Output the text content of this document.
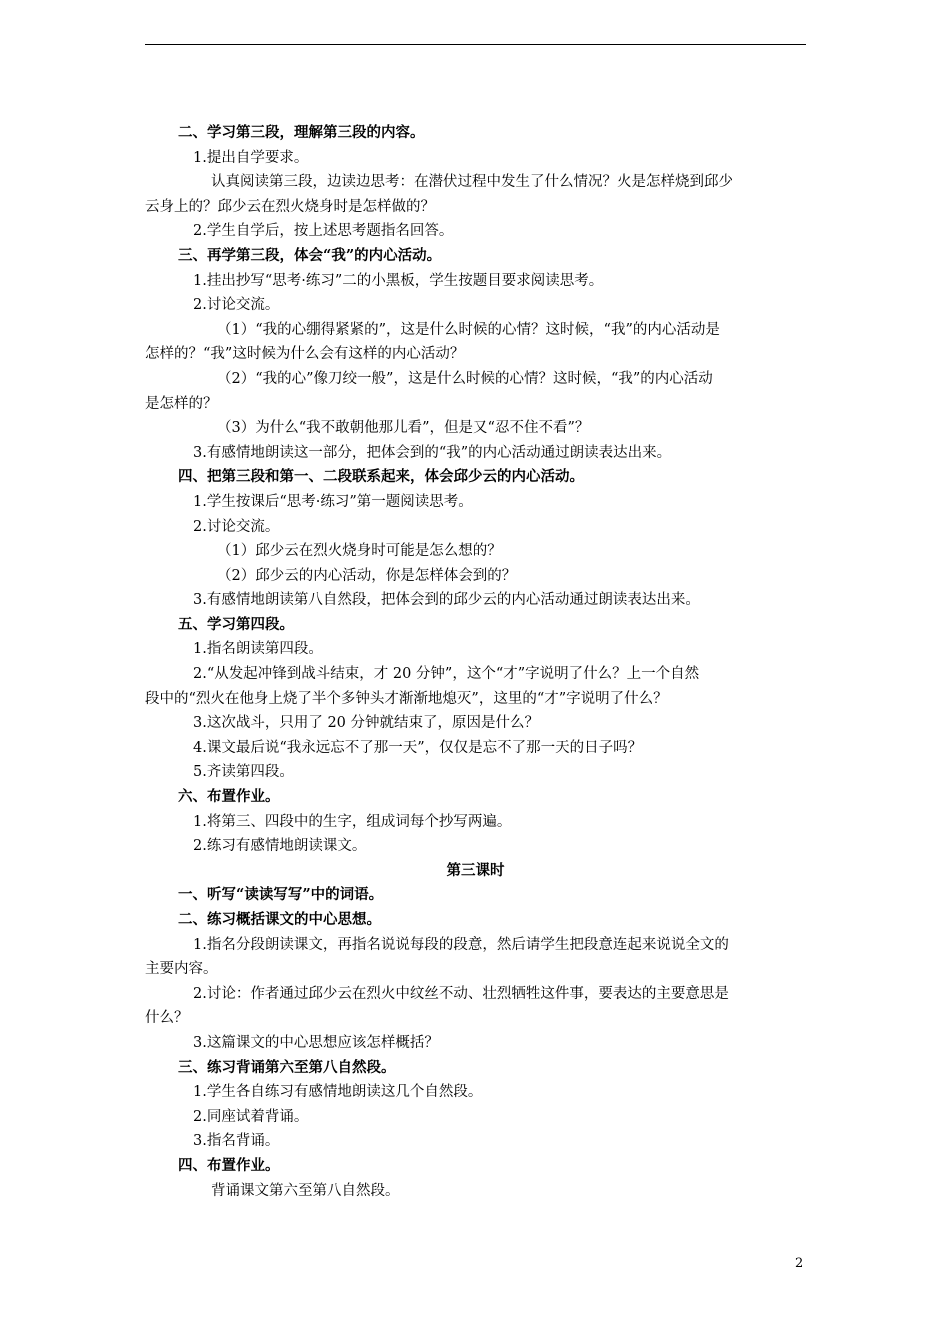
二、学习第三段，理解第三段的内容。
1.提出自学要求。
认真阅读第三段，边读边思考：在潜伏过程中发生了什么情况？火是怎样烧到邱少
云身上的？邱少云在烈火烧身时是怎样做的？
2.学生自学后，按上述思考题指名回答。
三、再学第三段，体会“我”的内心活动。
1.挂出抄写“思考·练习”二的小黑板，学生按题目要求阅读思考。
2.讨论交流。
（1）“我的心绷得紧紧的”，这是什么时候的心情？这时候，“我”的内心活动是
怎样的？“我”这时候为什么会有这样的内心活动？
（2）“我的心”像刀绞一般”，这是什么时候的心情？这时候，“我”的内心活动
是怎样的？
（3）为什么“我不敢朝他那儿看”，但是又“忍不住不看”？
3.有感情地朗读这一部分，把体会到的“我”的内心活动通过朗读表达出来。
四、把第三段和第一、二段联系起来，体会邱少云的内心活动。
1.学生按课后“思考·练习”第一题阅读思考。
2.讨论交流。
（1）邱少云在烈火烧身时可能是怎么想的？
（2）邱少云的内心活动，你是怎样体会到的？
3.有感情地朗读第八自然段，把体会到的邱少云的内心活动通过朗读表达出来。
五、学习第四段。
1.指名朗读第四段。
2.“从发起冲锋到战斗结束，才 20 分钟”，这个“才”字说明了什么？上一个自然
段中的“烈火在他身上烧了半个多钟头才渐渐地熄灭”，这里的“才”字说明了什么？
3.这次战斗，只用了 20 分钟就结束了，原因是什么？
4.课文最后说“我永远忘不了那一天”，仅仅是忘不了那一天的日子吗？
5.齐读第四段。
六、布置作业。
1.将第三、四段中的生字，组成词每个抄写两遍。
2.练习有感情地朗读课文。
第三课时
一、听写“读读写写”中的词语。
二、练习概括课文的中心思想。
1.指名分段朗读课文，再指名说说每段的段意，然后请学生把段意连起来说说全文的
主要内容。
2.讨论：作者通过邱少云在烈火中纹丝不动、壮烈牺牲这件事，要表达的主要意思是
什么？
3.这篇课文的中心思想应该怎样概括？
三、练习背诵第六至第八自然段。
1.学生各自练习有感情地朗读这几个自然段。
2.同座试着背诵。
3.指名背诵。
四、布置作业。
背诵课文第六至第八自然段。
2
